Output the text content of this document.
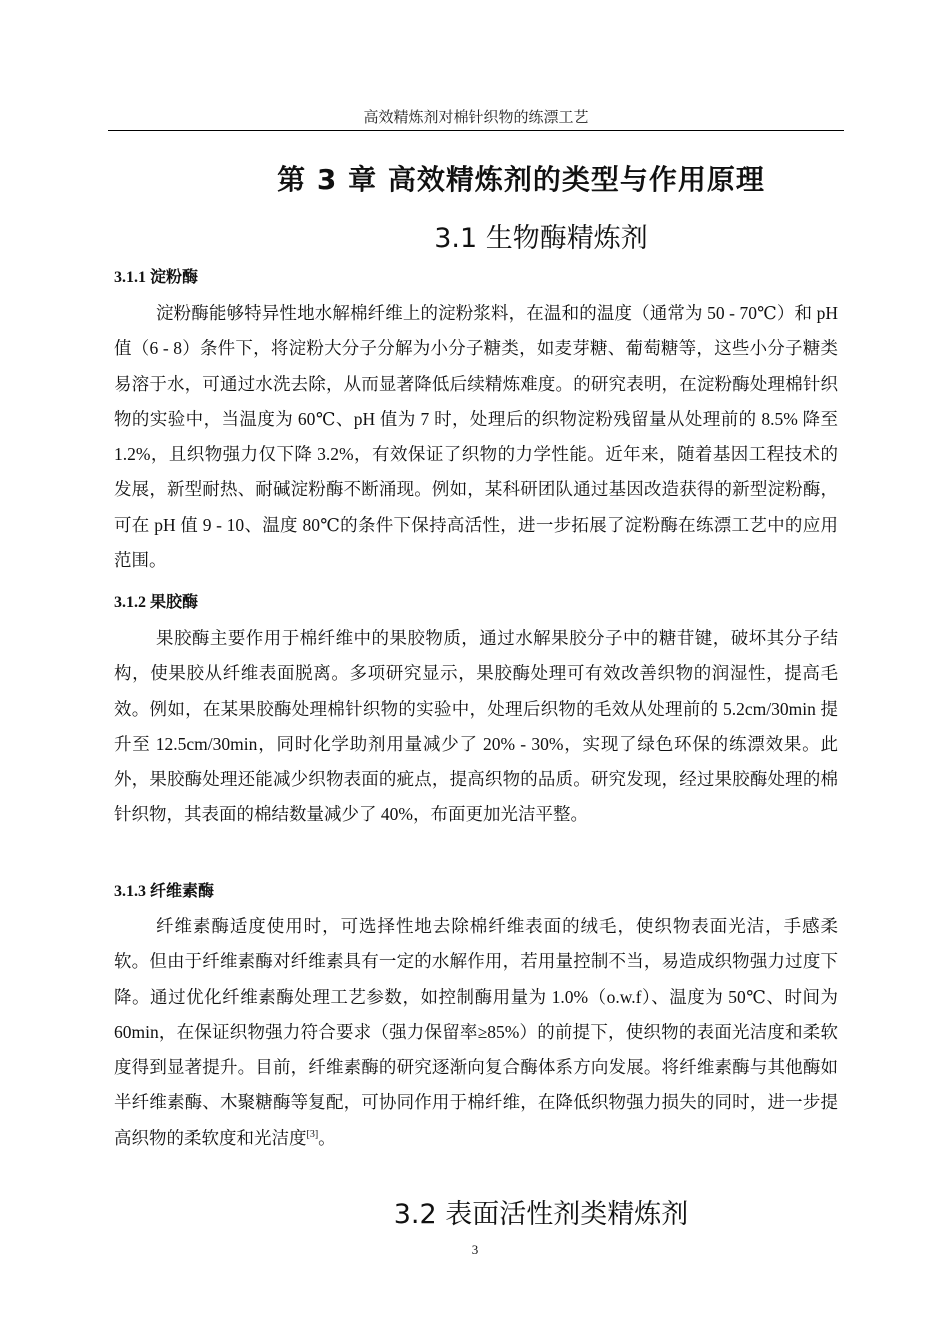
高效精炼剂对棉针织物的练漂工艺
第 3 章 高效精炼剂的类型与作用原理
3.1 生物酶精炼剂
3.1.1 淀粉酶

淀粉酶能够特异性地水解棉纤维上的淀粉浆料，在温和的温度（通常为 50 - 70℃）和 pH 值（6 - 8）条件下，将淀粉大分子分解为小分子糖类，如麦芽糖、葡萄糖等，这些小分子糖类易溶于水，可通过水洗去除，从而显著降低后续精炼难度。的研究表明，在淀粉酶处理棉针织物的实验中，当温度为 60℃、pH 值为 7 时，处理后的织物淀粉残留量从处理前的 8.5% 降至 1.2%，且织物强力仅下降 3.2%，有效保证了织物的力学性能。近年来，随着基因工程技术的发展，新型耐热、耐碱淀粉酶不断涌现。例如，某科研团队通过基因改造获得的新型淀粉酶，可在 pH 值 9 - 10、温度 80℃的条件下保持高活性，进一步拓展了淀粉酶在练漂工艺中的应用范围。

3.1.2 果胶酶

果胶酶主要作用于棉纤维中的果胶物质，通过水解果胶分子中的糖苷键，破坏其分子结构，使果胶从纤维表面脱离。多项研究显示，果胶酶处理可有效改善织物的润湿性，提高毛效。例如，在某果胶酶处理棉针织物的实验中，处理后织物的毛效从处理前的 5.2cm/30min 提升至 12.5cm/30min，同时化学助剂用量减少了 20% - 30%，实现了绿色环保的练漂效果。此外，果胶酶处理还能减少织物表面的疵点，提高织物的品质。研究发现，经过果胶酶处理的棉针织物，其表面的棉结数量减少了 40%，布面更加光洁平整。

3.1.3 纤维素酶

纤维素酶适度使用时，可选择性地去除棉纤维表面的绒毛，使织物表面光洁，手感柔软。但由于纤维素酶对纤维素具有一定的水解作用，若用量控制不当，易造成织物强力过度下降。通过优化纤维素酶处理工艺参数，如控制酶用量为 1.0%（o.w.f）、温度为 50℃、时间为 60min，在保证织物强力符合要求（强力保留率≥85%）的前提下，使织物的表面光洁度和柔软度得到显著提升。目前，纤维素酶的研究逐渐向复合酶体系方向发展。将纤维素酶与其他酶如半纤维素酶、木聚糖酶等复配，可协同作用于棉纤维，在降低织物强力损失的同时，进一步提高织物的柔软度和光洁度[3]。

3.2 表面活性剂类精炼剂
3
